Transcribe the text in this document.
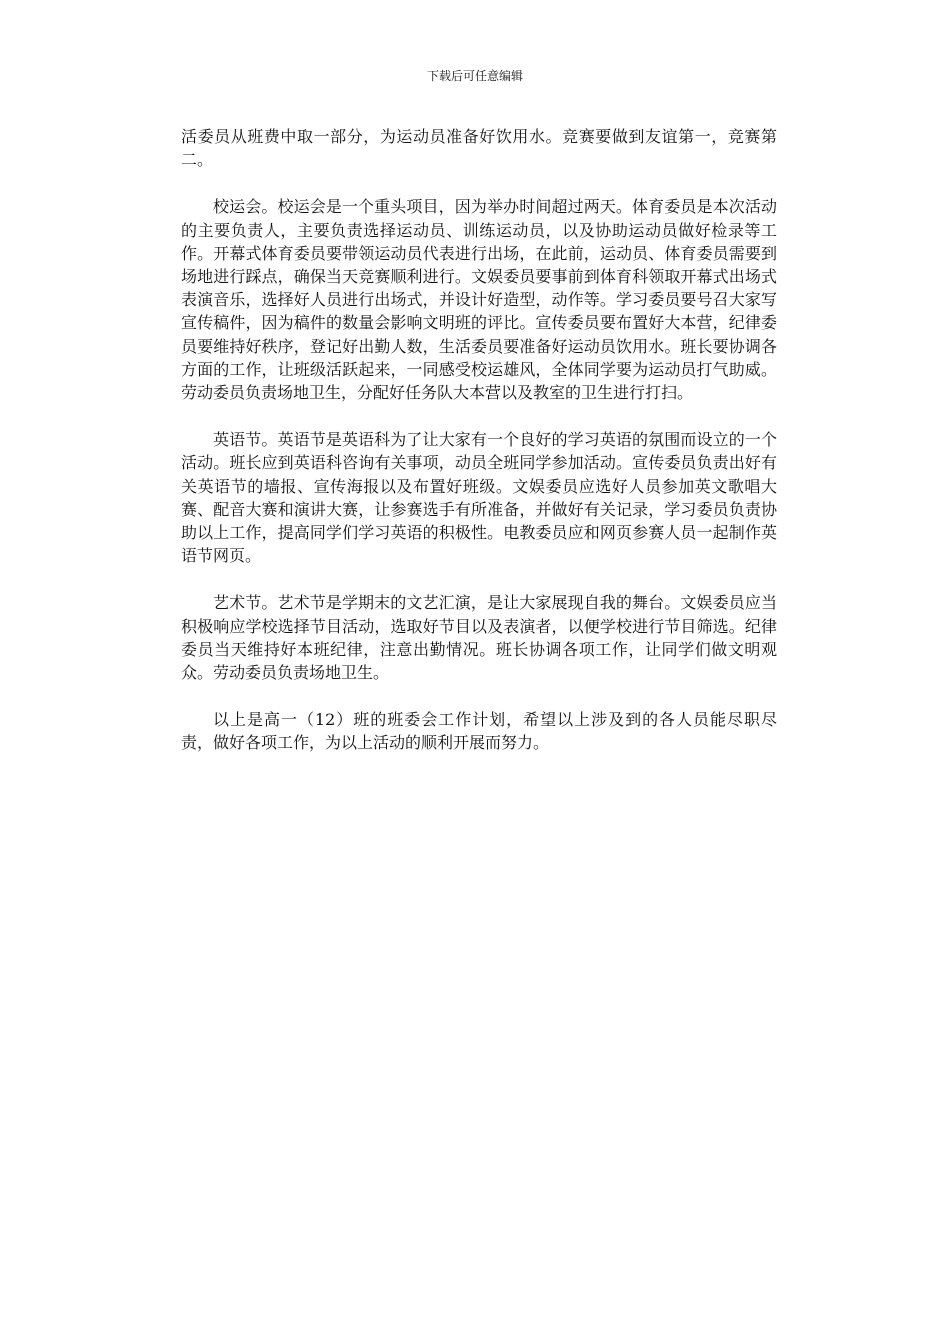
下载后可任意编辑

活委员从班费中取一部分，为运动员准备好饮用水。竞赛要做到友谊第一，竞赛第二。

校运会。校运会是一个重头项目，因为举办时间超过两天。体育委员是本次活动的主要负责人，主要负责选择运动员、训练运动员，以及协助运动员做好检录等工作。开幕式体育委员要带领运动员代表进行出场，在此前，运动员、体育委员需要到场地进行踩点，确保当天竞赛顺利进行。文娱委员要事前到体育科领取开幕式出场式表演音乐，选择好人员进行出场式，并设计好造型，动作等。学习委员要号召大家写宣传稿件，因为稿件的数量会影响文明班的评比。宣传委员要布置好大本营，纪律委员要维持好秩序，登记好出勤人数，生活委员要准备好运动员饮用水。班长要协调各方面的工作，让班级活跃起来，一同感受校运雄风，全体同学要为运动员打气助威。劳动委员负责场地卫生，分配好任务队大本营以及教室的卫生进行打扫。

英语节。英语节是英语科为了让大家有一个良好的学习英语的氛围而设立的一个活动。班长应到英语科咨询有关事项，动员全班同学参加活动。宣传委员负责出好有关英语节的墙报、宣传海报以及布置好班级。文娱委员应选好人员参加英文歌唱大赛、配音大赛和演讲大赛，让参赛选手有所准备，并做好有关记录，学习委员负责协助以上工作，提高同学们学习英语的积极性。电教委员应和网页参赛人员一起制作英语节网页。

艺术节。艺术节是学期末的文艺汇演，是让大家展现自我的舞台。文娱委员应当积极响应学校选择节目活动，选取好节目以及表演者，以便学校进行节目筛选。纪律委员当天维持好本班纪律，注意出勤情况。班长协调各项工作，让同学们做文明观众。劳动委员负责场地卫生。

以上是高一（12）班的班委会工作计划，希望以上涉及到的各人员能尽职尽责，做好各项工作，为以上活动的顺利开展而努力。
